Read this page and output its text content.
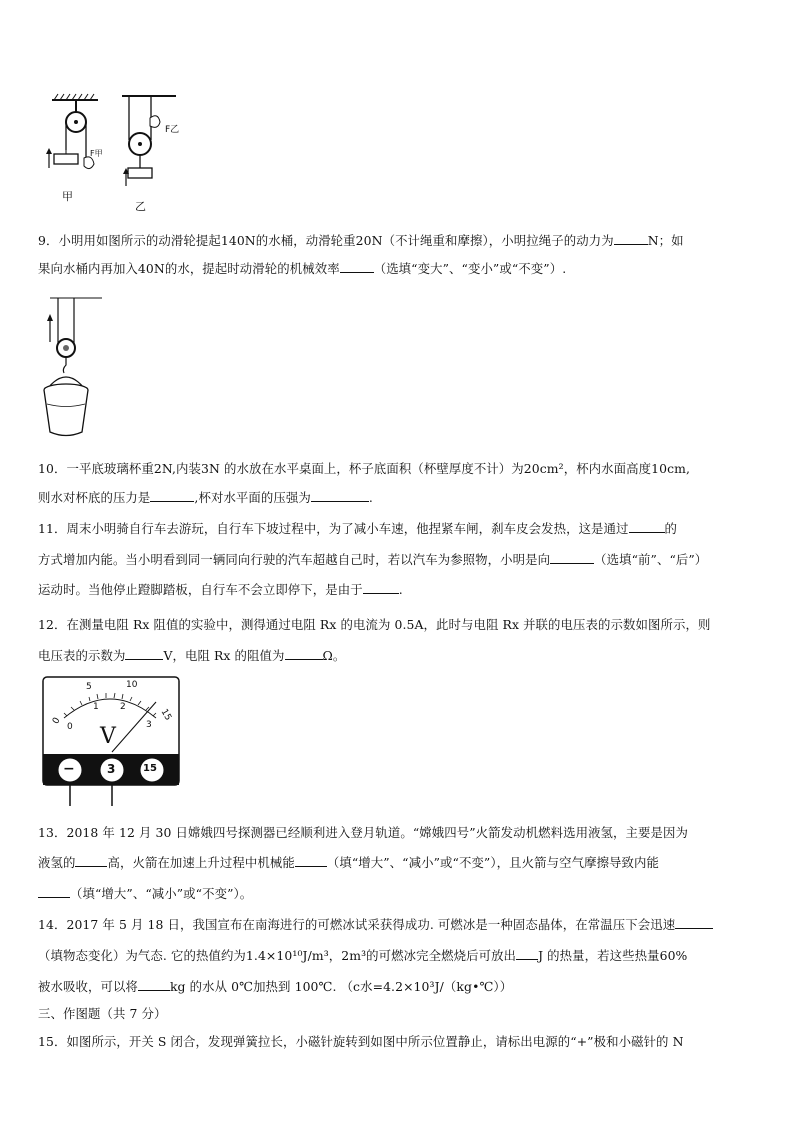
F甲
F乙
甲
乙
9．小明用如图所示的动滑轮提起140N的水桶，动滑轮重20N（不计绳重和摩擦），小明拉绳子的动力为	N；如
果向水桶内再加入40N的水，提起时动滑轮的机械效率	（选填“变大”、“变小”或“不变”）.
10．一平底玻璃杯重2N,内装3N 的水放在水平桌面上，杯子底面积（杯壁厚度不计）为20cm²，杯内水面高度10cm,
则水对杯底的压力是	,杯对水平面的压强为	.
11．周末小明骑自行车去游玩，自行车下坡过程中，为了减小车速，他捏紧车闸，刹车皮会发热，这是通过	的
方式增加内能。当小明看到同一辆同向行驶的汽车超越自己时，若以汽车为参照物，小明是向	（选填“前”、“后”）
运动时。当他停止蹬脚踏板，自行车不会立即停下，是由于	.
12．在测量电阻 Rx 阻值的实验中，测得通过电阻 Rx 的电流为 0.5A，此时与电阻 Rx 并联的电压表的示数如图所示，则
电压表的示数为	V，电阻 Rx 的阻值为	Ω。
0
5	10
15
0
1 2
3
V
−	3	15
13．2018 年 12 月 30 日嫦娥四号探测器已经顺利进入登月轨道。“嫦娥四号”火箭发动机燃料选用液氢，主要是因为
液氢的	高，火箭在加速上升过程中机械能	（填“增大”、“减小”或“不变”），且火箭与空气摩擦导致内能
（填“增大”、“减小”或“不变”）。
14．2017 年 5 月 18 日，我国宣布在南海进行的可燃冰试采获得成功. 可燃冰是一种固态晶体，在常温压下会迅速
（填物态变化）为气态. 它的热值约为1.4×10¹⁰J/m³，2m³的可燃冰完全燃烧后可放出 J 的热量，若这些热量60%
被水吸收，可以将	kg 的水从 0℃加热到 100℃. （c水=4.2×10³J/（kg•℃））
三、作图题（共 7 分）
15．如图所示，开关 S 闭合，发现弹簧拉长，小磁针旋转到如图中所示位置静止，请标出电源的“+”极和小磁针的 N
